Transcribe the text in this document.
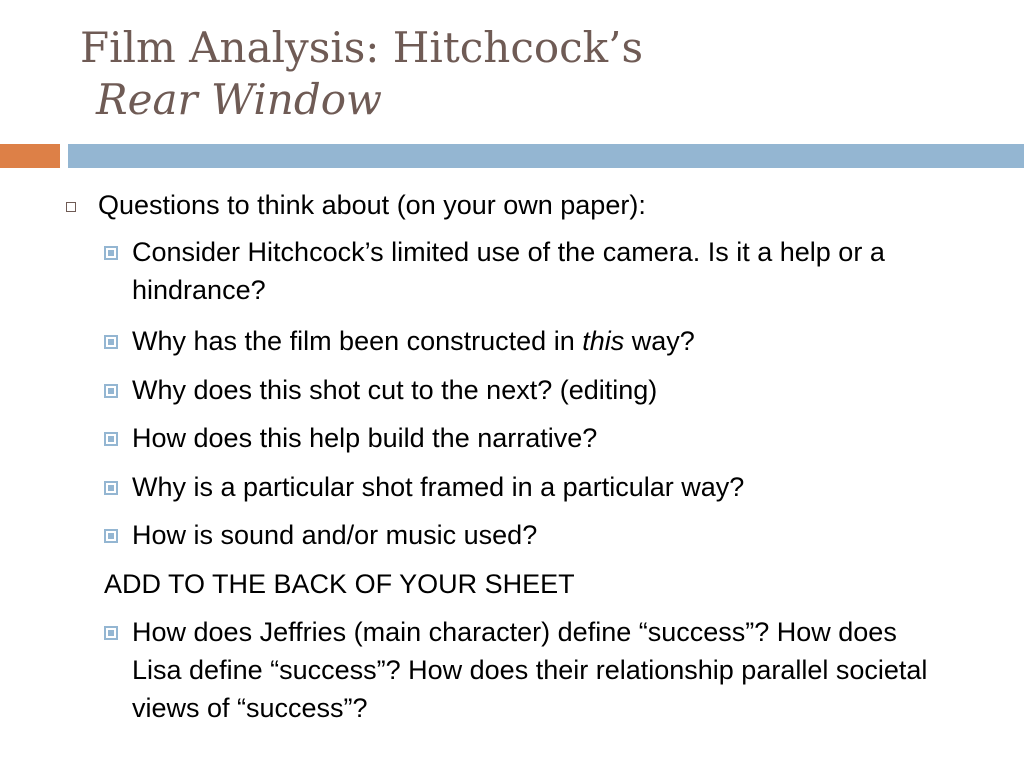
Film Analysis: Hitchcock’s
Rear Window
Questions to think about (on your own paper):
Consider Hitchcock’s limited use of the camera. Is it a help or a hindrance?
Why has the film been constructed in this way?
Why does this shot cut to the next? (editing)
How does this help build the narrative?
Why is a particular shot framed in a particular way?
How is sound and/or music used?
ADD TO THE BACK OF YOUR SHEET
How does Jeffries (main character) define “success”? How does Lisa define “success”? How does their relationship parallel societal views of “success”?
